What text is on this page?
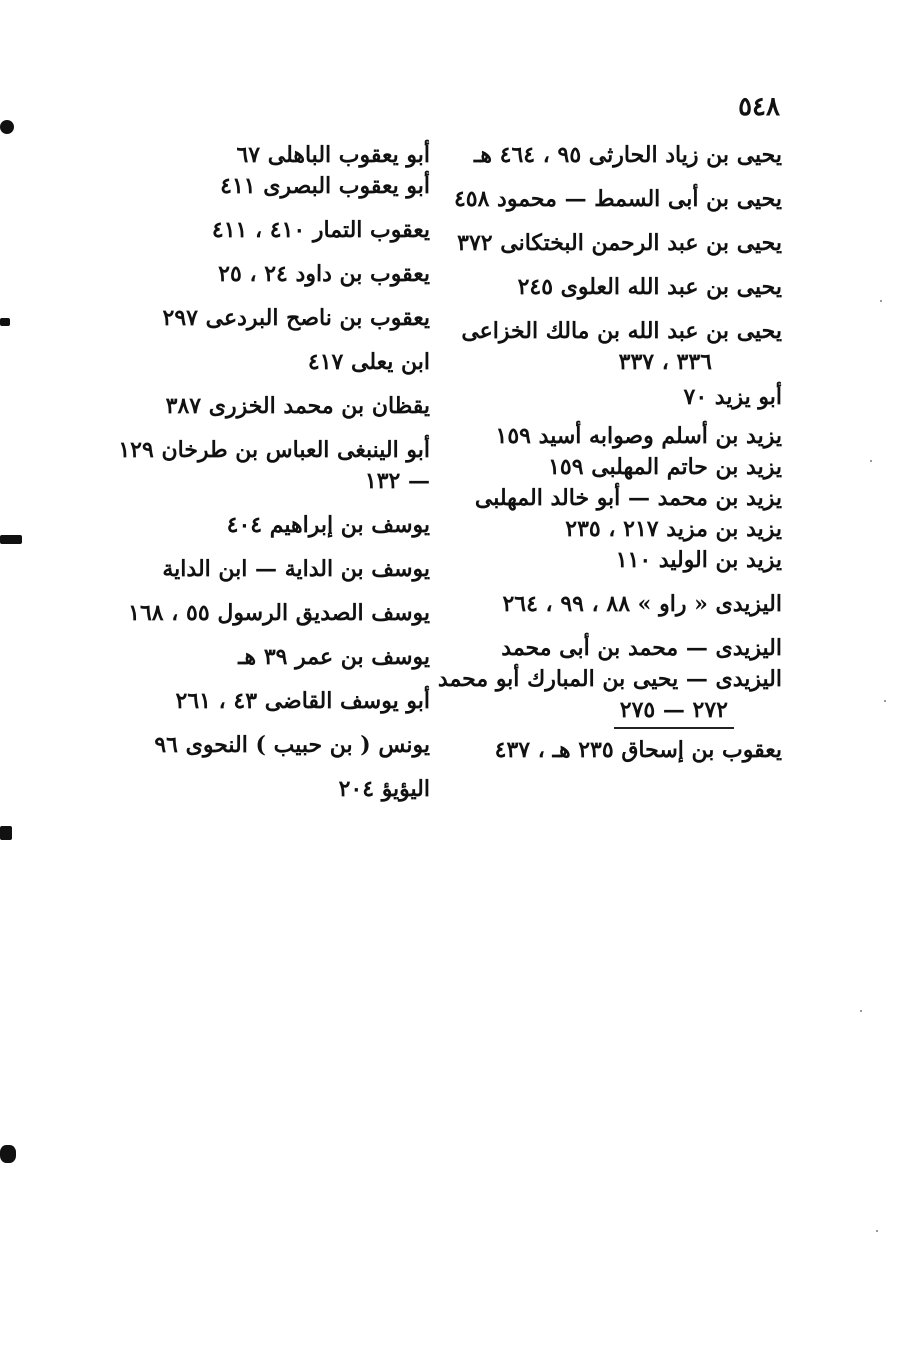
٥٤٨
يحيى بن زياد الحارثى ٩٥ ، ٤٦٤ هـ
يحيى بن أبى السمط — محمود ٤٥٨
يحيى بن عبد الرحمن البختكانى ٣٧٢
يحيى بن عبد الله العلوى ٢٤٥
يحيى بن عبد الله بن مالك الخزاعى
٣٣٦ ، ٣٣٧
أبو يزيد ٧٠
يزيد بن أسلم وصوابه أسيد ١٥٩
يزيد بن حاتم المهلبى ١٥٩
يزيد بن محمد — أبو خالد المهلبى
يزيد بن مزيد ٢١٧ ، ٢٣٥
يزيد بن الوليد ١١٠
اليزيدى « راو » ٨٨ ، ٩٩ ، ٢٦٤
اليزيدى — محمد بن أبى محمد
اليزيدى — يحيى بن المبارك أبو محمد
٢٧٢ — ٢٧٥
يعقوب بن إسحاق ٢٣٥ هـ ، ٤٣٧
أبو يعقوب الباهلى ٦٧
أبو يعقوب البصرى ٤١١
يعقوب التمار ٤١٠ ، ٤١١
يعقوب بن داود ٢٤ ، ٢٥
يعقوب بن ناصح البردعى ٢٩٧
ابن يعلى ٤١٧
يقظان بن محمد الخزرى ٣٨٧
أبو الينبغى العباس بن طرخان ١٢٩
— ١٣٢
يوسف بن إبراهيم ٤٠٤
يوسف بن الداية — ابن الداية
يوسف الصديق الرسول ٥٥ ، ١٦٨
يوسف بن عمر ٣٩ هـ
أبو يوسف القاضى ٤٣ ، ٢٦١
يونس ( بن حبيب ) النحوى ٩٦
اليؤيؤ ٢٠٤
